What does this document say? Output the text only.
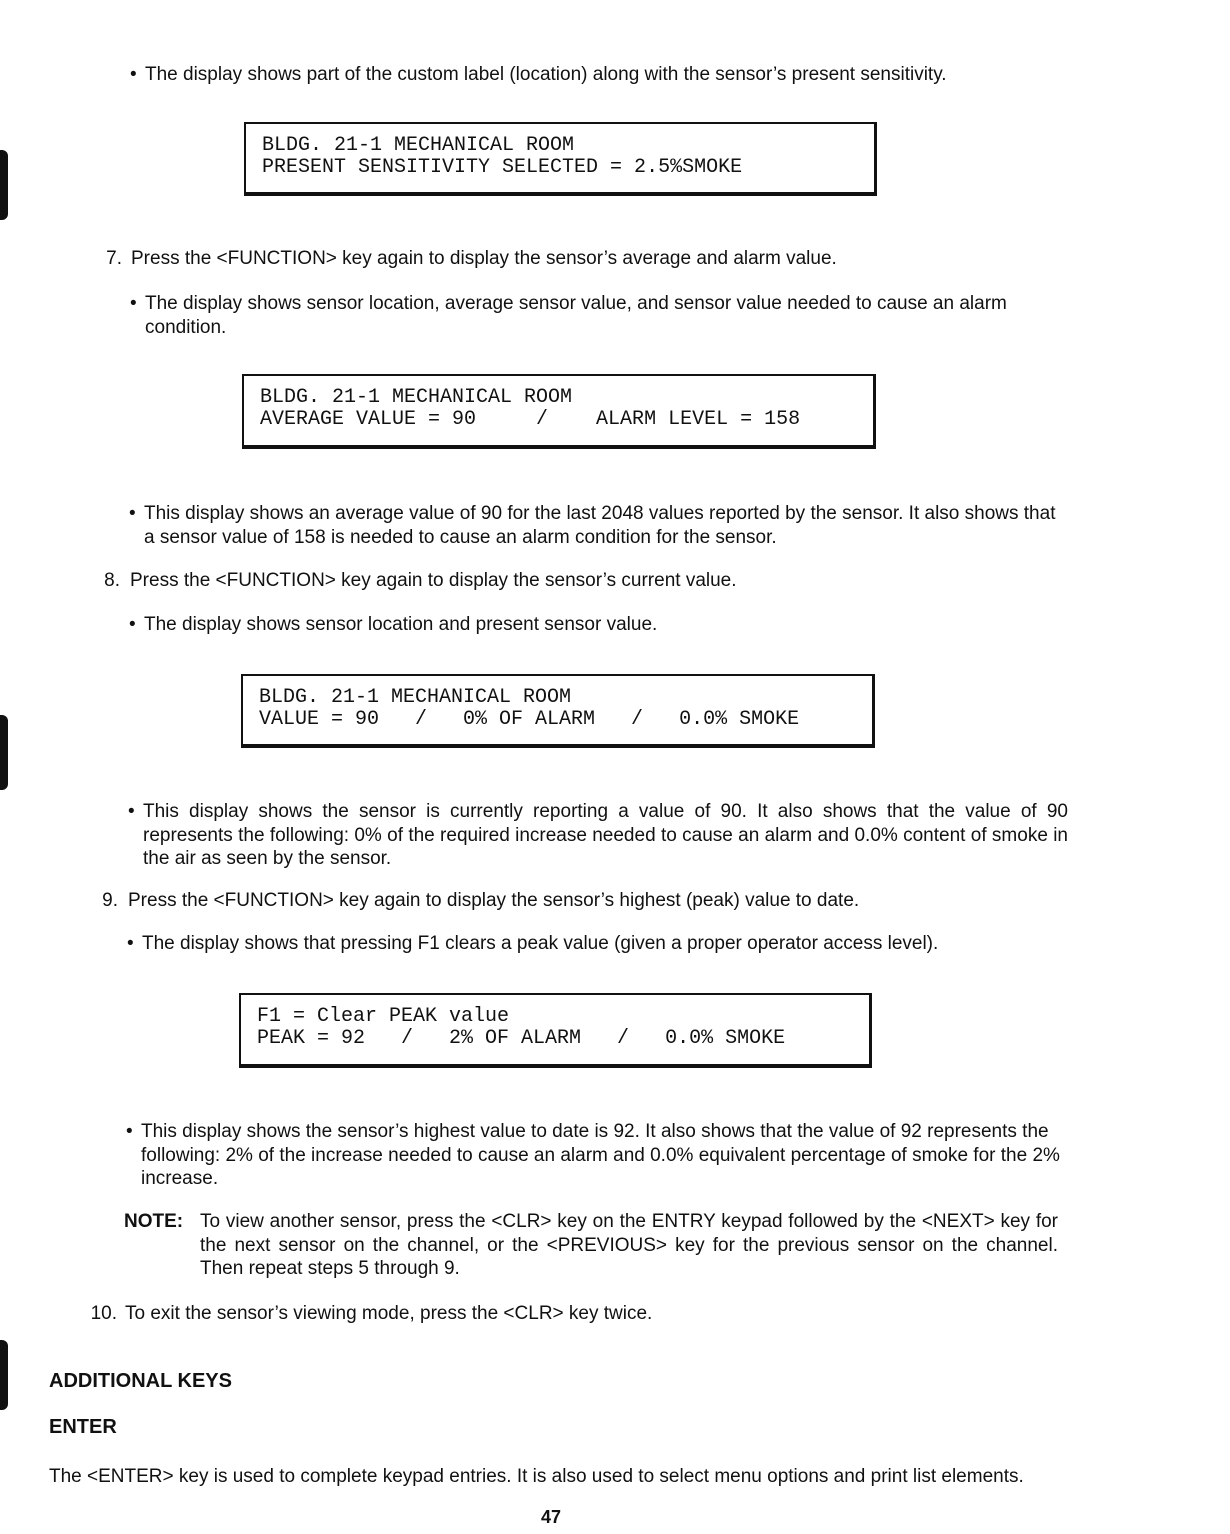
• The display shows part of the custom label (location) along with the sensor’s present sensitivity.
BLDG. 21-1 MECHANICAL ROOM
PRESENT SENSITIVITY SELECTED = 2.5%SMOKE
7. Press the <FUNCTION> key again to display the sensor’s average and alarm value.
• The display shows sensor location, average sensor value, and sensor value needed to cause an alarm condition.
BLDG. 21-1 MECHANICAL ROOM
AVERAGE VALUE = 90     /    ALARM LEVEL = 158
• This display shows an average value of 90 for the last 2048 values reported by the sensor. It also shows that a sensor value of 158 is needed to cause an alarm condition for the sensor.
8. Press the <FUNCTION> key again to display the sensor’s current value.
• The display shows sensor location and present sensor value.
BLDG. 21-1 MECHANICAL ROOM
VALUE = 90   /   0% OF ALARM   /   0.0% SMOKE
• This display shows the sensor is currently reporting a value of 90. It also shows that the value of 90 represents the following: 0% of the required increase needed to cause an alarm and 0.0% content of smoke in the air as seen by the sensor.
9. Press the <FUNCTION> key again to display the sensor’s highest (peak) value to date.
• The display shows that pressing F1 clears a peak value (given a proper operator access level).
F1 = Clear PEAK value
PEAK = 92   /   2% OF ALARM   /   0.0% SMOKE
• This display shows the sensor’s highest value to date is 92. It also shows that the value of 92 represents the following: 2% of the increase needed to cause an alarm and 0.0% equivalent percentage of smoke for the 2% increase.
NOTE: To view another sensor, press the <CLR> key on the ENTRY keypad followed by the <NEXT> key for the next sensor on the channel, or the <PREVIOUS> key for the previous sensor on the channel. Then repeat steps 5 through 9.
10. To exit the sensor’s viewing mode, press the <CLR> key twice.
ADDITIONAL KEYS
ENTER
The <ENTER> key is used to complete keypad entries. It is also used to select menu options and print list elements.
47
